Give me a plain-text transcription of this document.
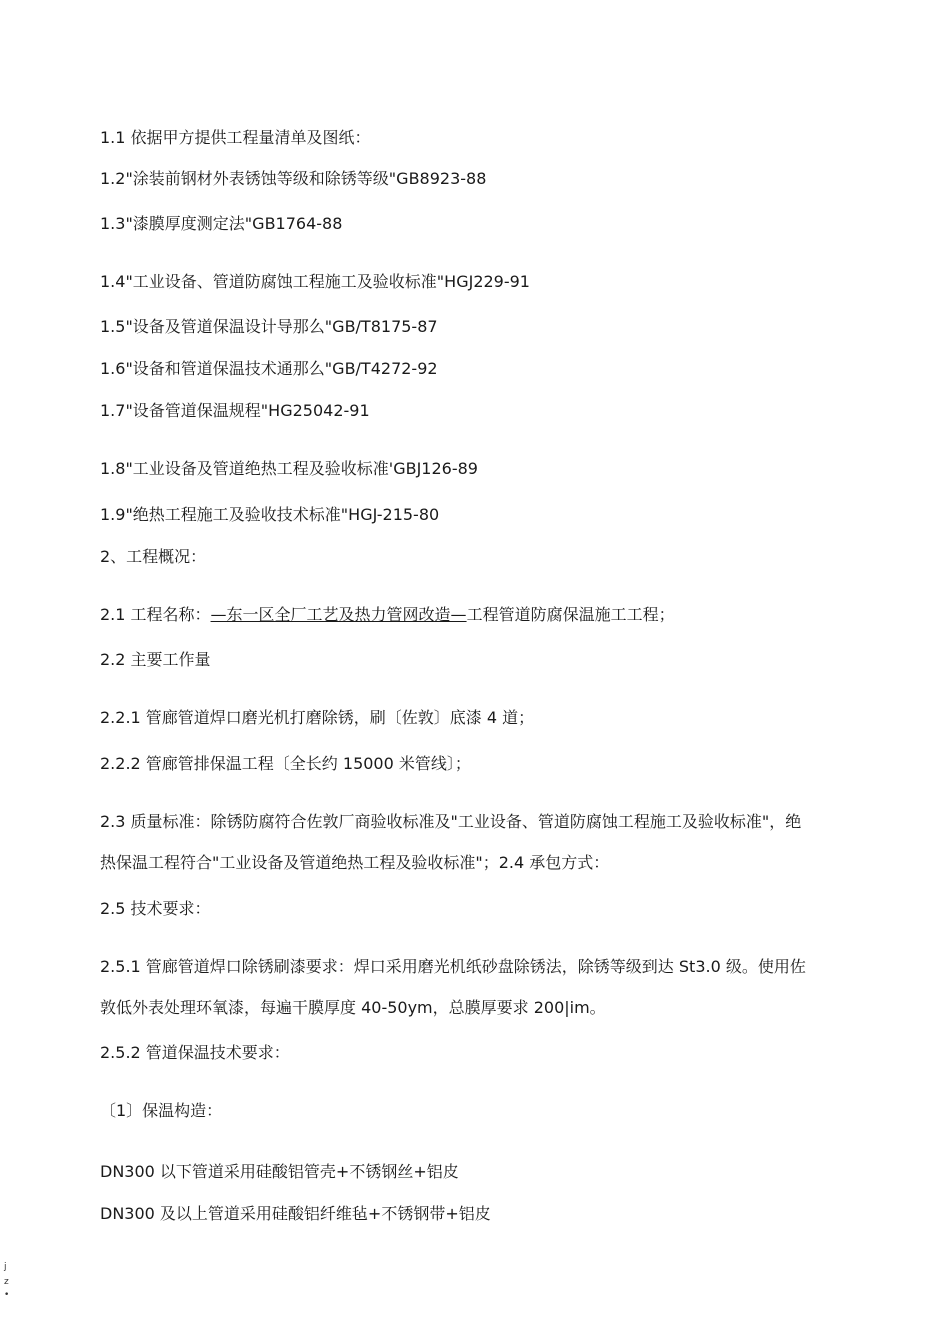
1.1 依据甲方提供工程量清单及图纸：
1.2"涂装前钢材外表锈蚀等级和除锈等级"GB8923-88
1.3"漆膜厚度测定法"GB1764-88
1.4"工业设备、管道防腐蚀工程施工及验收标准"HGJ229-91
1.5"设备及管道保温设计导那么"GB/T8175-87
1.6"设备和管道保温技术通那么"GB/T4272-92
1.7"设备管道保温规程"HG25042-91
1.8"工业设备及管道绝热工程及验收标准'GBJ126-89
1.9"绝热工程施工及验收技术标准"HGJ-215-80
2、工程概况：
2.1 工程名称：—东一区全厂工艺及热力管网改造—工程管道防腐保温施工工程；
2.2 主要工作量
2.2.1 管廊管道焊口磨光机打磨除锈，刷〔佐敦〕底漆 4 道；
2.2.2 管廊管排保温工程〔全长约 15000 米管线〕；
2.3 质量标准：除锈防腐符合佐敦厂商验收标准及"工业设备、管道防腐蚀工程施工及验收标准"，绝
热保温工程符合"工业设备及管道绝热工程及验收标准"；2.4 承包方式：
2.5 技术要求：
2.5.1 管廊管道焊口除锈刷漆要求：焊口采用磨光机纸砂盘除锈法，除锈等级到达 St3.0 级。使用佐
敦低外表处理环氧漆，每遍干膜厚度 40-50ym，总膜厚要求 200|im。
2.5.2 管道保温技术要求：
〔1〕保温构造：
DN300 以下管道采用硅酸铝管壳+不锈钢丝+铝皮
DN300 及以上管道采用硅酸铝纤维毡+不锈钢带+铝皮
j
z
•
